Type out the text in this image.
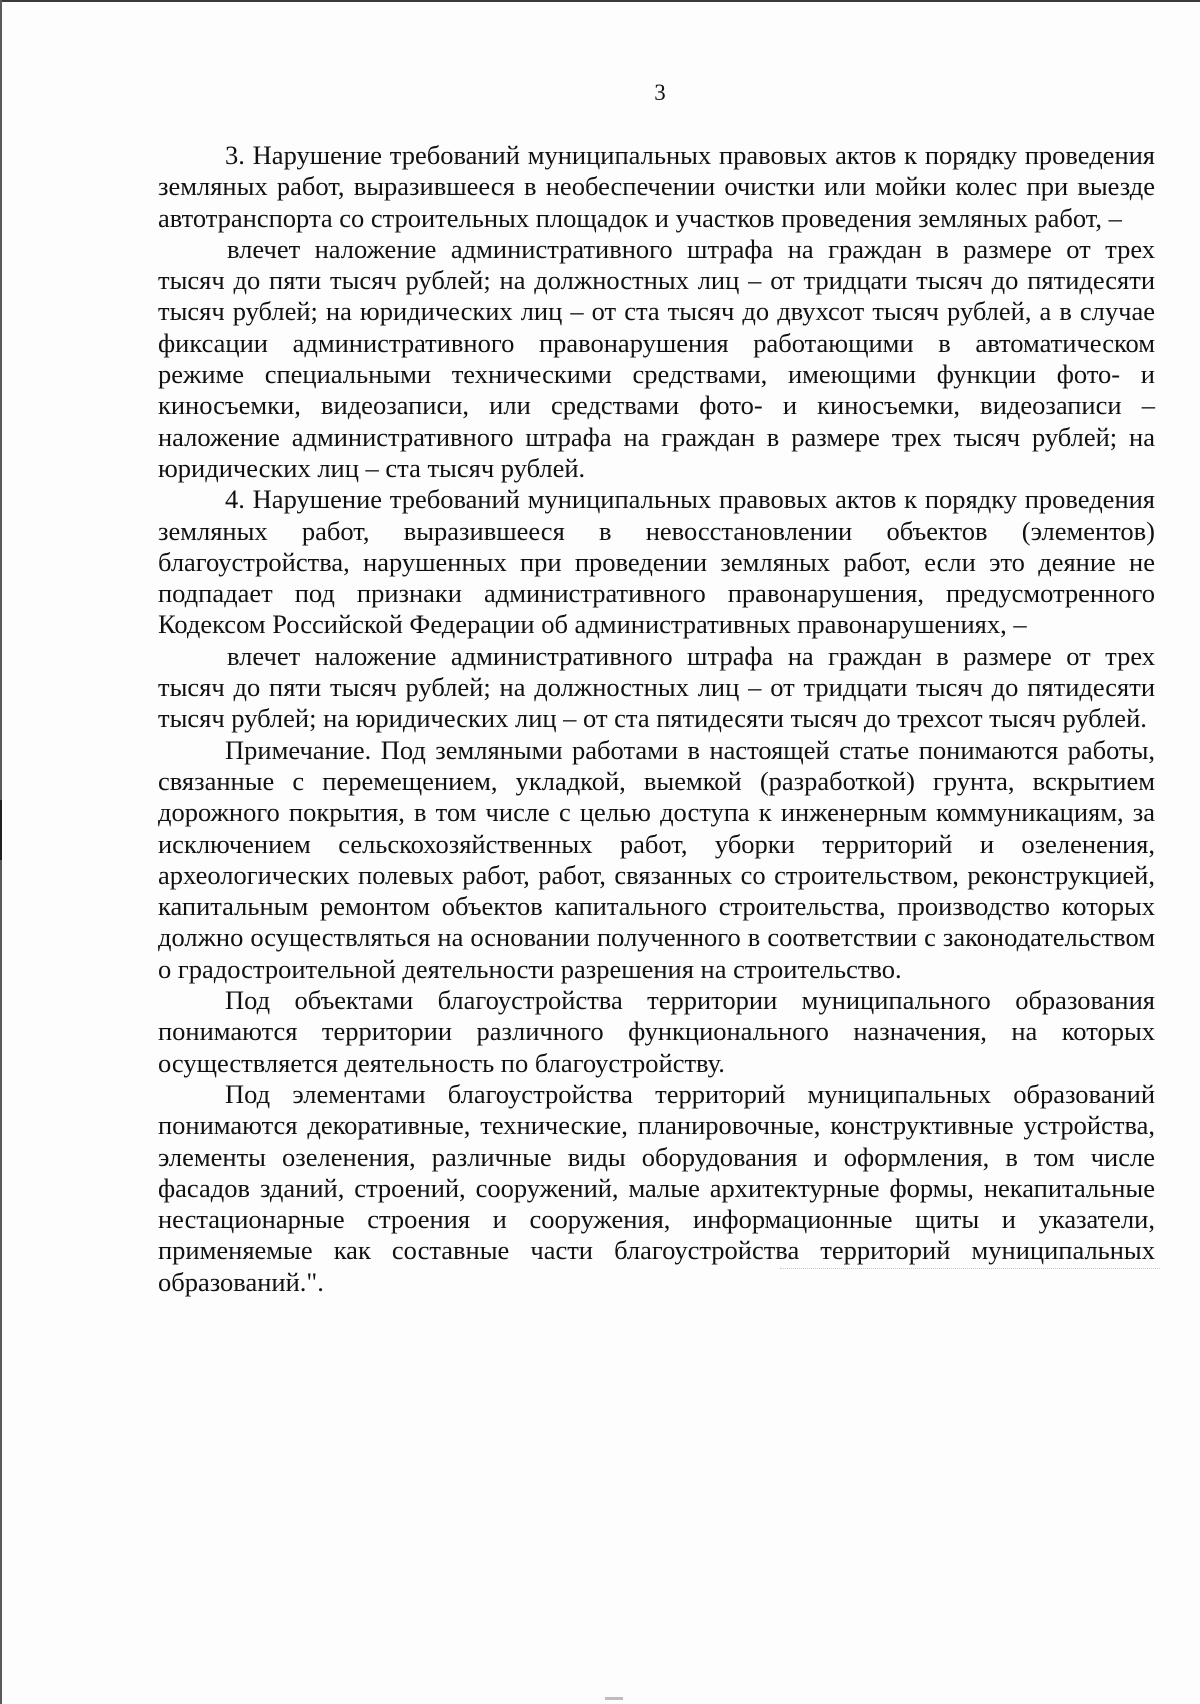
3

3. Нарушение требований муниципальных правовых актов к порядку проведения земляных работ, выразившееся в необеспечении очистки или мойки колес при выезде автотранспорта со строительных площадок и участков проведения земляных работ, –

влечет наложение административного штрафа на граждан в размере от трех тысяч до пяти тысяч рублей; на должностных лиц – от тридцати тысяч до пятидесяти тысяч рублей; на юридических лиц – от ста тысяч до двухсот тысяч рублей, а в случае фиксации административного правонарушения работающими в автоматическом режиме специальными техническими средствами, имеющими функции фото- и киносъемки, видеозаписи, или средствами фото- и киносъемки, видеозаписи – наложение административного штрафа на граждан в размере трех тысяч рублей; на юридических лиц – ста тысяч рублей.

4. Нарушение требований муниципальных правовых актов к порядку проведения земляных работ, выразившееся в невосстановлении объектов (элементов) благоустройства, нарушенных при проведении земляных работ, если это деяние не подпадает под признаки административного правонарушения, предусмотренного Кодексом Российской Федерации об административных правонарушениях, –

влечет наложение административного штрафа на граждан в размере от трех тысяч до пяти тысяч рублей; на должностных лиц – от тридцати тысяч до пятидесяти тысяч рублей; на юридических лиц – от ста пятидесяти тысяч до трехсот тысяч рублей.

Примечание. Под земляными работами в настоящей статье понимаются работы, связанные с перемещением, укладкой, выемкой (разработкой) грунта, вскрытием дорожного покрытия, в том числе с целью доступа к инженерным коммуникациям, за исключением сельскохозяйственных работ, уборки территорий и озеленения, археологических полевых работ, работ, связанных со строительством, реконструкцией, капитальным ремонтом объектов капитального строительства, производство которых должно осуществляться на основании полученного в соответствии с законодательством о градостроительной деятельности разрешения на строительство.

Под объектами благоустройства территории муниципального образования понимаются территории различного функционального назначения, на которых осуществляется деятельность по благоустройству.

Под элементами благоустройства территорий муниципальных образований понимаются декоративные, технические, планировочные, конструктивные устройства, элементы озеленения, различные виды оборудования и оформления, в том числе фасадов зданий, строений, сооружений, малые архитектурные формы, некапитальные нестационарные строения и сооружения, информационные щиты и указатели, применяемые как составные части благоустройства территорий муниципальных образований.".
